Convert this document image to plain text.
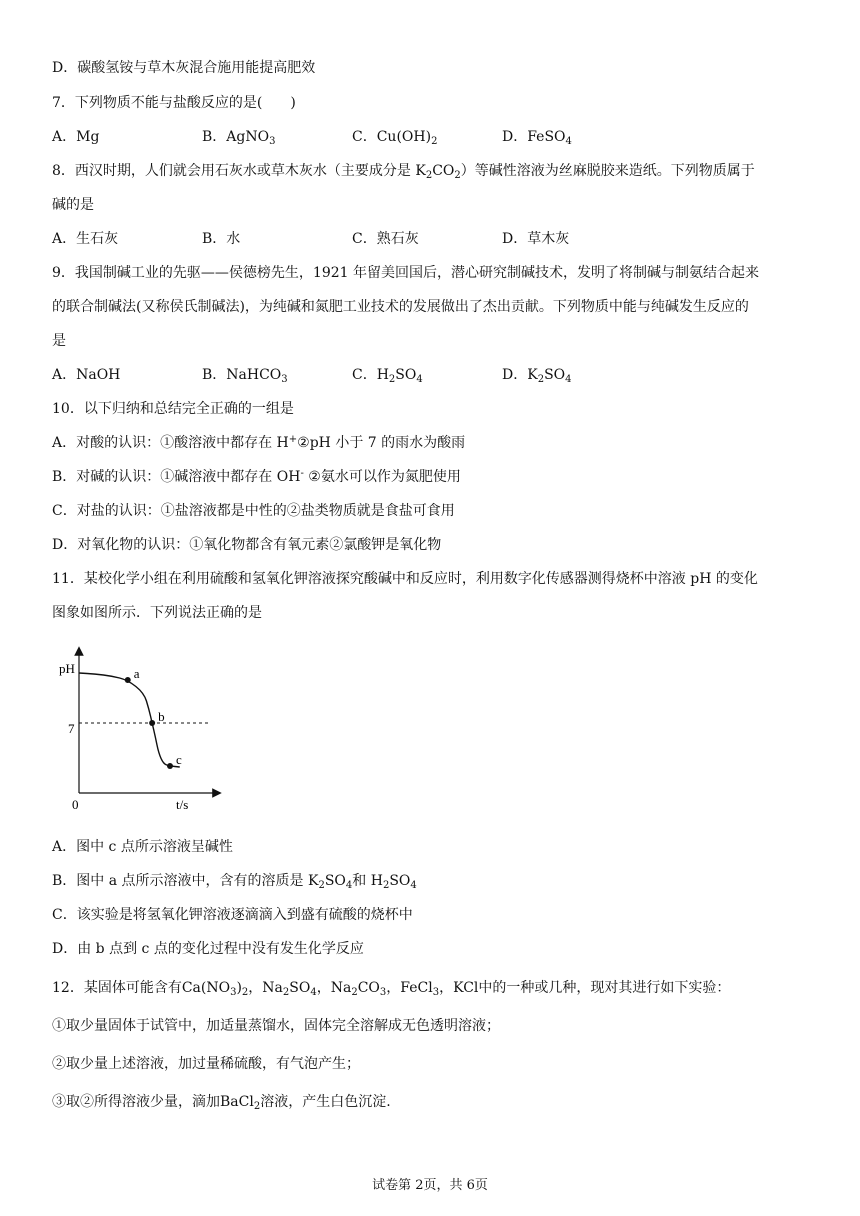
D．碳酸氢铵与草木灰混合施用能提高肥效
7．下列物质不能与盐酸反应的是(　　)
A．Mg	B．AgNO$_3$	C．$Cu(OH)_2$	D．FeSO$_4$
8．西汉时期，人们就会用石灰水或草木灰水（主要成分是 $K_2CO_2$）等碱性溶液为丝麻脱胶来造纸。下列物质属于
碱的是
A．生石灰	B．水	C．熟石灰	D．草木灰
9．我国制碱工业的先驱——侯德榜先生，1921 年留美回国后，潜心研究制碱技术，发明了将制碱与制氨结合起来
的联合制碱法(又称侯氏制碱法)，为纯碱和氮肥工业技术的发展做出了杰出贡献。下列物质中能与纯碱发生反应的
是
A．NaOH	B．NaHCO$_3$	C．$H_2SO_4$	D．$K_2SO_4$
10．以下归纳和总结完全正确的一组是
A．对酸的认识：①酸溶液中都存在 H+②pH 小于 7 的雨水为酸雨
B．对碱的认识：①碱溶液中都存在 OH- ②氨水可以作为氮肥使用
C．对盐的认识：①盐溶液都是中性的②盐类物质就是食盐可食用
D．对氧化物的认识：①氧化物都含有氧元素②氯酸钾是氧化物
11．某校化学小组在利用硫酸和氢氧化钾溶液探究酸碱中和反应时，利用数字化传感器测得烧杯中溶液 pH 的变化
图象如图所示．下列说法正确的是
pH
t/s
0
7
a
b
c
A．图中 c 点所示溶液呈碱性
B．图中 a 点所示溶液中，含有的溶质是 $K_2SO_4$和 $H_2SO_4$
C．该实验是将氢氧化钾溶液逐滴滴入到盛有硫酸的烧杯中
D．由 b 点到 c 点的变化过程中没有发生化学反应
12．某固体可能含有$Ca(NO_3)_2$，$Na_2SO_4$，$Na_2CO_3$，FeCl$_3$，KCl中的一种或几种，现对其进行如下实验：
①取少量固体于试管中，加适量蒸馏水，固体完全溶解成无色透明溶液；
②取少量上述溶液，加过量稀硫酸，有气泡产生；
③取②所得溶液少量，滴加BaCl$_2$溶液，产生白色沉淀.
试卷第 2页，共 6页
